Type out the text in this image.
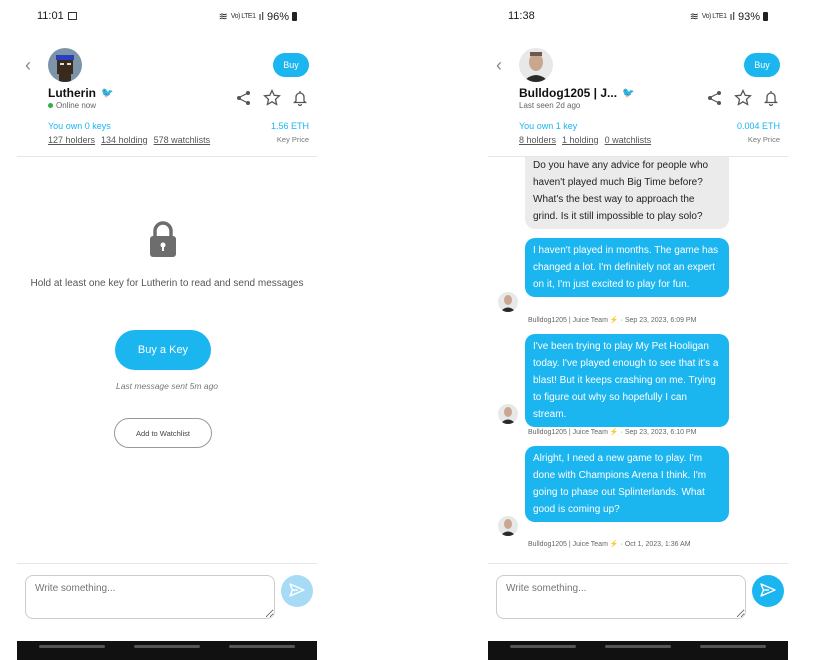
11:01	≋ Vo) LTE1 ıl 96%
‹
Lutherin 🐦
Online now
Buy
You own 0 keys	1.56 ETH
127 holders 134 holding 578 watchlists	Key Price

Hold at least one key for Lutherin to read and send messages

Buy a Key

Last message sent 5m ago

Add to Watchlist
Write something...
11:38	≋ Vo) LTE1 ıl 93%
‹
Bulldog1205 | J... 🐦
Last seen 2d ago
Buy
You own 1 key	0.004 ETH
8 holders 1 holding 0 watchlists	Key Price
Do you have any advice for people who haven't played much Big Time before? What's the best way to approach the grind. Is it still impossible to play solo?
I haven't played in months. The game has changed a lot. I'm definitely not an expert on it, I'm just excited to play for fun.
Bulldog1205 | Juice Team ⚡ · Sep 23, 2023, 6:09 PM
I've been trying to play My Pet Hooligan today. I've played enough to see that it's a blast! But it keeps crashing on me. Trying to figure out why so hopefully I can stream.
Bulldog1205 | Juice Team ⚡ · Sep 23, 2023, 6:10 PM
Alright, I need a new game to play. I'm done with Champions Arena I think. I'm going to phase out Splinterlands. What good is coming up?
Bulldog1205 | Juice Team ⚡ · Oct 1, 2023, 1:36 AM
Write something...
